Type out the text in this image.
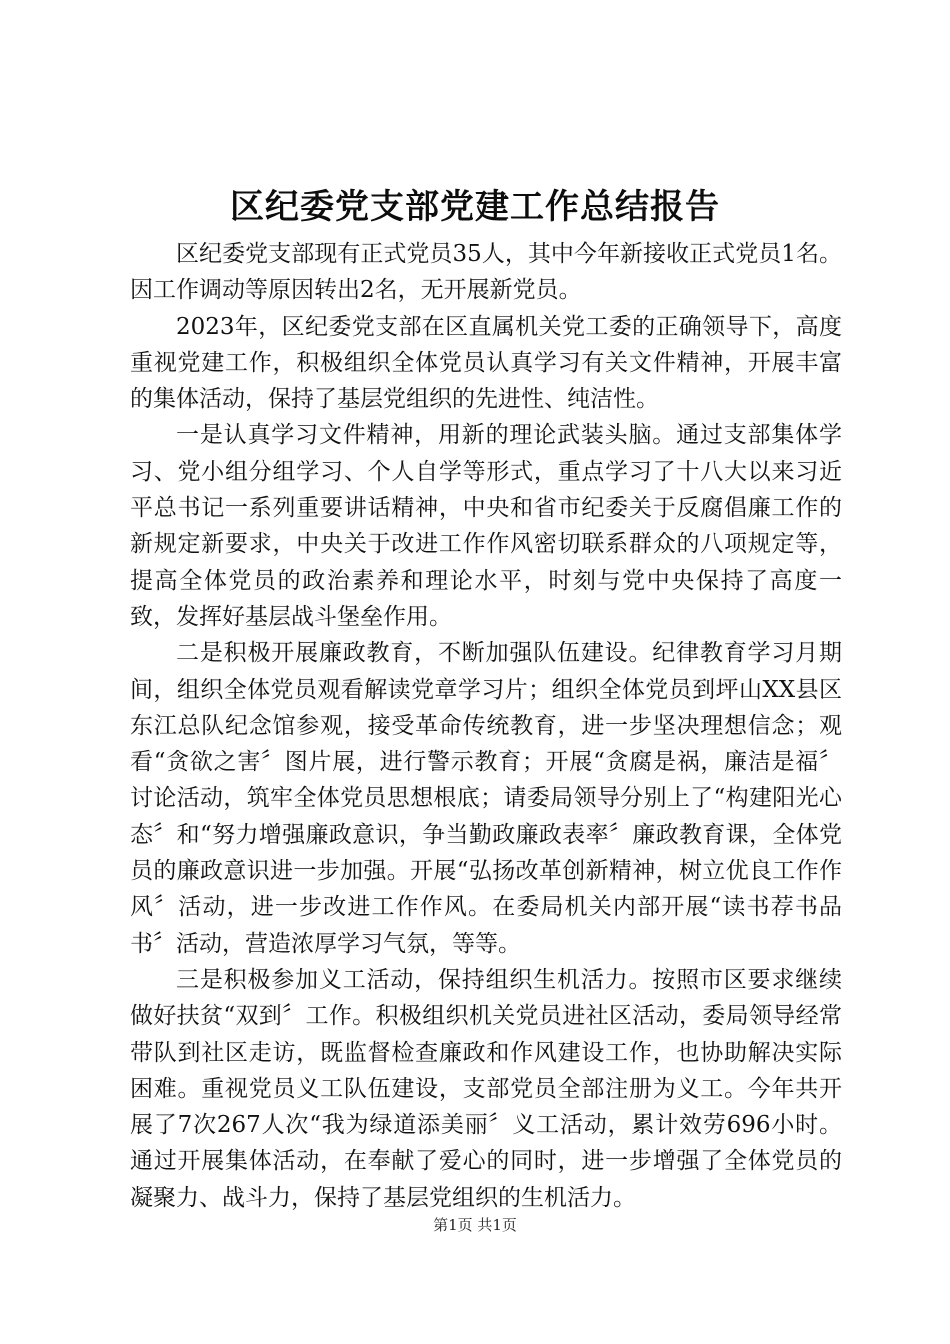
区纪委党支部党建工作总结报告

区纪委党支部现有正式党员35人，其中今年新接收正式党员1名。因工作调动等原因转出2名，无开展新党员。

2023年，区纪委党支部在区直属机关党工委的正确领导下，高度重视党建工作，积极组织全体党员认真学习有关文件精神，开展丰富的集体活动，保持了基层党组织的先进性、纯洁性。

一是认真学习文件精神，用新的理论武装头脑。通过支部集体学习、党小组分组学习、个人自学等形式，重点学习了十八大以来习近平总书记一系列重要讲话精神，中央和省市纪委关于反腐倡廉工作的新规定新要求，中央关于改进工作作风密切联系群众的八项规定等，提高全体党员的政治素养和理论水平，时刻与党中央保持了高度一致，发挥好基层战斗堡垒作用。

二是积极开展廉政教育，不断加强队伍建设。纪律教育学习月期间，组织全体党员观看解读党章学习片；组织全体党员到坪山XX县区东江总队纪念馆参观，接受革命传统教育，进一步坚决理想信念；观看“贪欲之害〞图片展，进行警示教育；开展“贪腐是祸，廉洁是福〞讨论活动，筑牢全体党员思想根底；请委局领导分别上了“构建阳光心态〞和“努力增强廉政意识，争当勤政廉政表率〞廉政教育课，全体党员的廉政意识进一步加强。开展“弘扬改革创新精神，树立优良工作作风〞活动，进一步改进工作作风。在委局机关内部开展“读书荐书品书〞活动，营造浓厚学习气氛，等等。

三是积极参加义工活动，保持组织生机活力。按照市区要求继续做好扶贫“双到〞工作。积极组织机关党员进社区活动，委局领导经常带队到社区走访，既监督检查廉政和作风建设工作，也协助解决实际困难。重视党员义工队伍建设，支部党员全部注册为义工。今年共开展了7次267人次“我为绿道添美丽〞义工活动，累计效劳696小时。通过开展集体活动，在奉献了爱心的同时，进一步增强了全体党员的凝聚力、战斗力，保持了基层党组织的生机活力。

第1页 共1页
